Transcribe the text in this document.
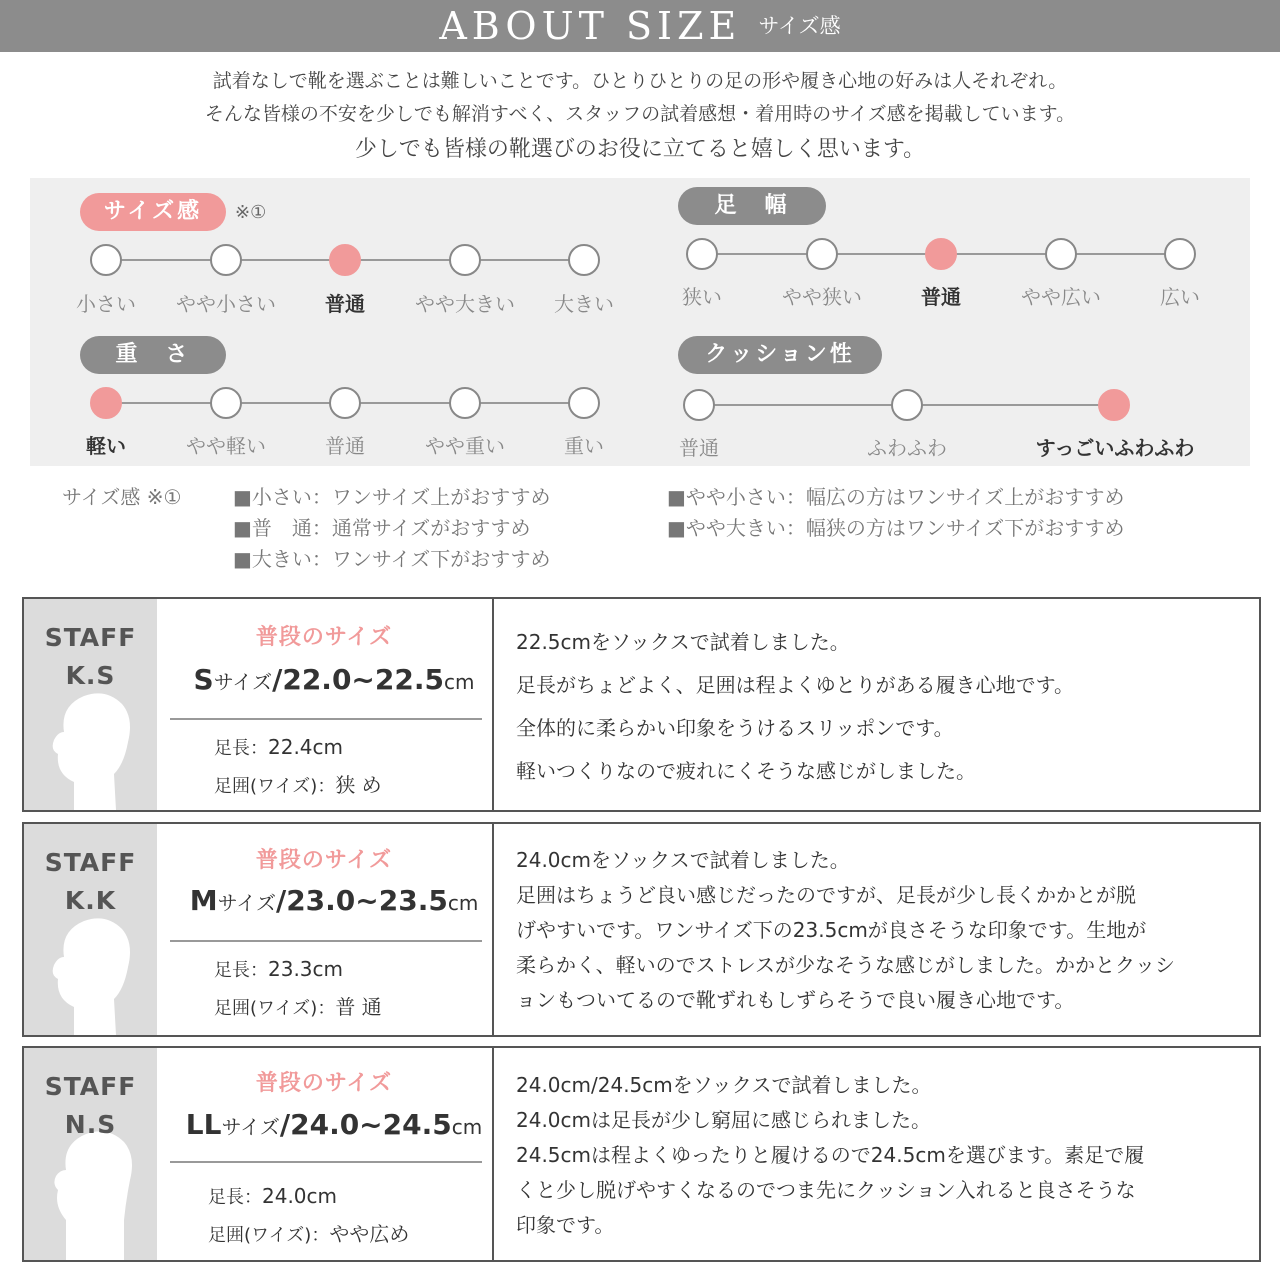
ABOUT SIZE サイズ感
試着なしで靴を選ぶことは難しいことです。ひとりひとりの足の形や履き心地の好みは人それぞれ。
そんな皆様の不安を少しでも解消すべく、スタッフの試着感想・着用時のサイズ感を掲載しています。
少しでも皆様の靴選びのお役に立てると嬉しく思います。
サイズ感	※①
小さい	やや小さい	普通	やや大きい	大きい
足　幅
狭い	やや狭い	普通	やや広い	広い
重　さ
軽い	やや軽い	普通	やや重い	重い
クッション性
普通	ふわふわ	すっごいふわふわ
サイズ感 ※①	■小さい：ワンサイズ上がおすすめ
■普　通：通常サイズがおすすめ
■大きい：ワンサイズ下がおすすめ
■やや小さい：幅広の方はワンサイズ上がおすすめ
■やや大きい：幅狭の方はワンサイズ下がおすすめ
STAFF
K.S
普段のサイズ
Sサイズ/22.0~22.5cm
足長：22.4cm
足囲(ワイズ)：狭 め
22.5cmをソックスで試着しました。
足長がちょどよく、足囲は程よくゆとりがある履き心地です。
全体的に柔らかい印象をうけるスリッポンです。
軽いつくりなので疲れにくそうな感じがしました。
STAFF
K.K
普段のサイズ
Mサイズ/23.0~23.5cm
足長：23.3cm
足囲(ワイズ)：普 通
24.0cmをソックスで試着しました。
足囲はちょうど良い感じだったのですが、足長が少し長くかかとが脱
げやすいです。ワンサイズ下の23.5cmが良さそうな印象です。生地が
柔らかく、軽いのでストレスが少なそうな感じがしました。かかとクッシ
ョンもついてるので靴ずれもしずらそうで良い履き心地です。
STAFF
N.S
普段のサイズ
LLサイズ/24.0~24.5cm
足長：24.0cm
足囲(ワイズ)：やや広め
24.0cm/24.5cmをソックスで試着しました。
24.0cmは足長が少し窮屈に感じられました。
24.5cmは程よくゆったりと履けるので24.5cmを選びます。素足で履
くと少し脱げやすくなるのでつま先にクッション入れると良さそうな
印象です。
